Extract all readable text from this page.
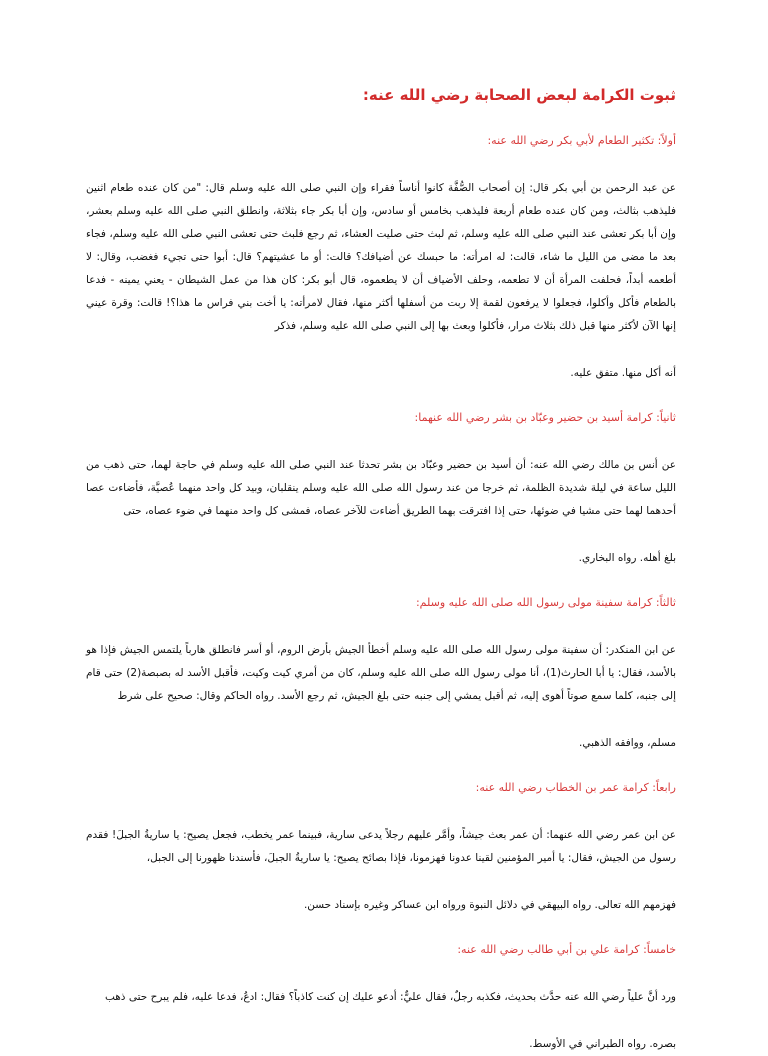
ثبوت الكرامة لبعض الصحابة رضي الله عنه:
أولاً: تكثير الطعام لأبي بكر رضي الله عنه:

عن عبد الرحمن بن أبي بكر قال: إن أصحاب الصُّفَّة كانوا أناساً فقراء وإن النبي صلى الله عليه وسلم قال: "من كان عنده طعام اثنين فليذهب بثالث، ومن كان عنده طعام أربعة فليذهب بخامس أو سادس، وإن أبا بكر جاء بثلاثة، وانطلق النبي صلى الله عليه وسلم بعشر، وإن أبا بكر تعشى عند النبي صلى الله عليه وسلم، ثم لبث حتى صليت العشاء، ثم رجع فلبث حتى تعشى النبي صلى الله عليه وسلم، فجاء بعد ما مضى من الليل ما شاء، قالت: له امرأته: ما حبسك عن أضيافك؟ قالت: أو ما عشيتهم؟ قال: أبوا حتى تجيء فغضب، وقال: لا أطعمه أبداً، فحلفت المرأة أن لا تطعمه، وحلف الأضياف أن لا يطعموه، قال أبو بكر: كان هذا من عمل الشيطان - يعني يمينه - فدعا بالطعام فأكل وأكلوا، فجعلوا لا يرفعون لقمة إلا ربت من أسفلها أكثر منها، فقال لامرأته: يا أخت بني فراس ما هذا؟! قالت: وقرة عيني إنها الآن لأكثر منها قبل ذلك بثلاث مرار، فأكلوا وبعث بها إلى النبي صلى الله عليه وسلم، فذكر

أنه أكل منها. متفق عليه.

ثانياً: كرامة أسيد بن حضير وعبّاد بن بشر رضي الله عنهما:

عن أنس بن مالك رضي الله عنه: أن أسيد بن حضير وعبّاد بن بشر تحدثا عند النبي صلى الله عليه وسلم في حاجة لهما، حتى ذهب من الليل ساعة في ليلة شديدة الظلمة، ثم خرجا من عند رسول الله صلى الله عليه وسلم ينقلبان، وبيد كل واحد منهما عُصيَّة، فأضاءت عصا أحدهما لهما حتى مشيا في ضوئها، حتى إذا افترقت بهما الطريق أضاءت للآخر عصاه، فمشى كل واحد منهما في ضوء عصاه، حتى

بلغ أهله. رواه البخاري.

ثالثاً: كرامة سفينة مولى رسول الله صلى الله عليه وسلم:

عن ابن المنكدر: أن سفينة مولى رسول الله صلى الله عليه وسلم أخطأ الجيش بأرض الروم، أو أسر فانطلق هارباً يلتمس الجيش فإذا هو بالأسد، فقال: يا أبا الحارث(1)، أنا مولى رسول الله صلى الله عليه وسلم، كان من أمري كيت وكيت، فأقبل الأسد له بصبصة(2) حتى قام إلى جنبه، كلما سمع صوتاً أهوى إليه، ثم أقبل يمشي إلى جنبه حتى بلغ الجيش، ثم رجع الأسد. رواه الحاكم وقال: صحيح على شرط

مسلم، ووافقه الذهبي.

رابعاً: كرامة عمر بن الخطاب رضي الله عنه:

عن ابن عمر رضي الله عنهما: أن عمر بعث جيشاً، وأمَّر عليهم رجلاً يدعى سارية، فبينما عمر يخطب، فجعل يصيح: يا ساريةُ الجبلَ! فقدم رسول من الجيش، فقال: يا أمير المؤمنين لقينا عدونا فهزمونا، فإذا بصائح يصيح: يا ساريةُ الجبلَ، فأسندنا ظهورنا إلى الجبل،

فهزمهم الله تعالى. رواه البيهقي في دلائل النبوة ورواه ابن عساكر وغيره بإسناد حسن.

خامساً: كرامة علي بن أبي طالب رضي الله عنه:

ورد أنَّ علياً رضي الله عنه حدَّث بحديث، فكذبه رجلٌ، فقال عليٌّ: أدعو عليك إن كنت كاذباً؟ فقال: ادعُ، فدعا عليه، فلم يبرح حتى ذهب

بصره. رواه الطبراني في الأوسط.
